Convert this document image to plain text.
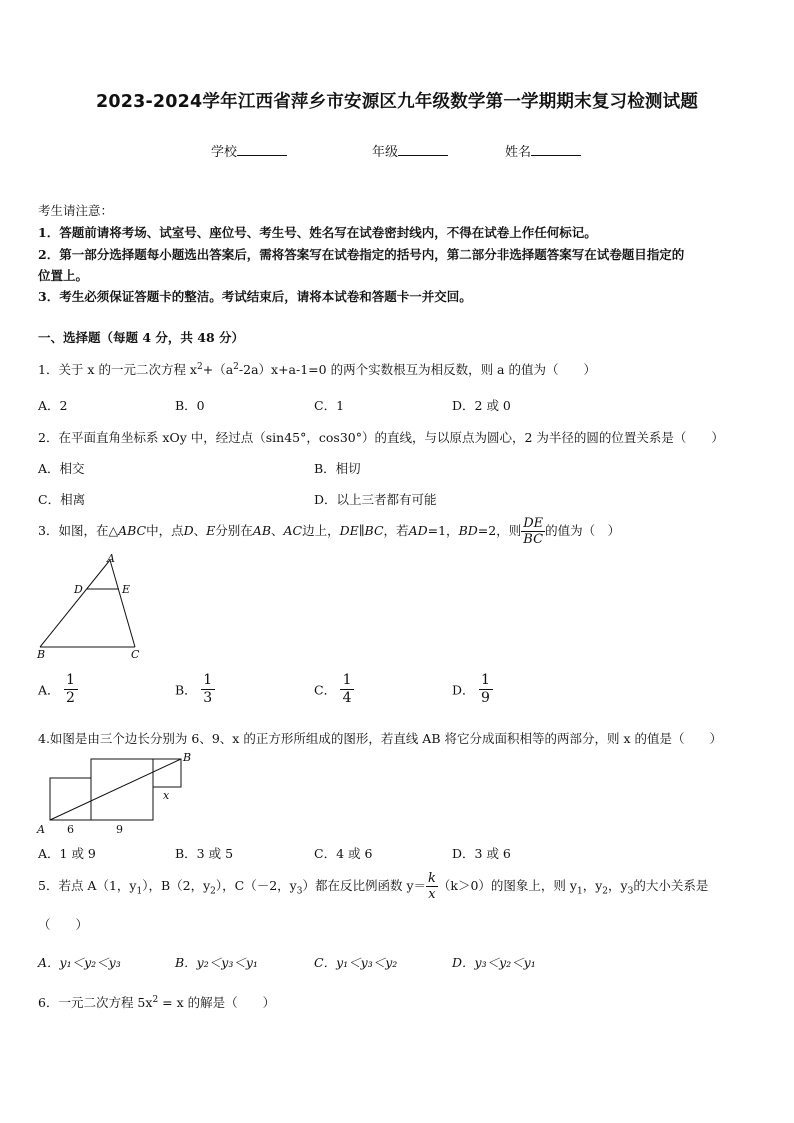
2023-2024学年江西省萍乡市安源区九年级数学第一学期期末复习检测试题
学校	年级	姓名
考生请注意：
1．答题前请将考场、试室号、座位号、考生号、姓名写在试卷密封线内，不得在试卷上作任何标记。
2．第一部分选择题每小题选出答案后，需将答案写在试卷指定的括号内，第二部分非选择题答案写在试卷题目指定的
位置上。
3．考生必须保证答题卡的整洁。考试结束后，请将本试卷和答题卡一并交回。
一、选择题（每题 4 分，共 48 分）
1．关于 x 的一元二次方程 $x^2+(a^2-2a)x+a-1=0$ 的两个实数根互为相反数，则 a 的值为（　　）
A．2	B．0	C．1	D．2 或 0
2．在平面直角坐标系 xOy 中，经过点（sin45°，cos30°）的直线，与以原点为圆心，2 为半径的圆的位置关系是（　　）
A．相交	B．相切
C．相离	D．以上三者都有可能
3．如图，在△ABC中，点D、E分别在AB、AC边上，DE∥BC，若AD=1，BD=2，则 $\frac{DE}{BC}$ 的值为（　）
A
D	E
B	C
A． $\frac{1}{2}$	B． $\frac{1}{3}$	C． $\frac{1}{4}$	D． $\frac{1}{9}$
4.如图是由三个边长分别为 6、9、x 的正方形所组成的图形，若直线 AB 将它分成面积相等的两部分，则 x 的值是（　　）
B
x
A 6	9
A．1 或 9	B．3 或 5	C．4 或 6	D．3 或 6
5．若点 A（1，$y_1$），B（2，$y_2$），C（－2，$y_3$）都在反比例函数 $y= \frac{k}{x} (k>0)$的图象上，则 $y_1$，$y_2$，$y_3$的大小关系是
（　　）
A．y₁＜y₂＜y₃	B．y₂＜y₃＜y₁	C．y₁＜y₃＜y₂	D．y₃＜y₂＜y₁
6．一元二次方程 $5x^2 = x$ 的解是（　　）
